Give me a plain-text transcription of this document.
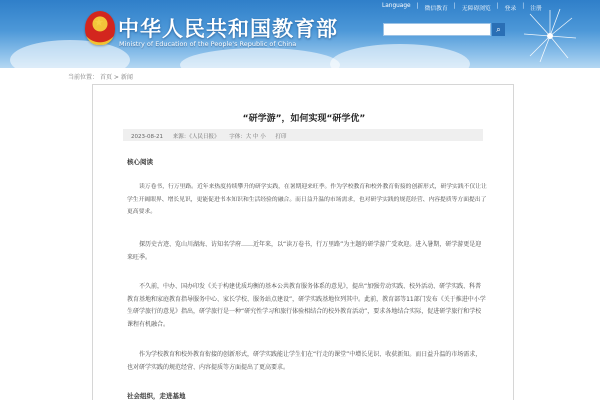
★ 中华人民共和国教育部
Ministry of Education of the People's Republic of China
Language | 微信教育 | 无障碍浏览 | 登录 | 注册
⌕
当前位置： 首页 > 新闻
“研学游”，如何实现“研学优”
2023-08-21 来源：《人民日报》 字体：大 中 小 打印
核心阅读
读万卷书，行万里路。近年来热度持续攀升的研学实践，在暑期迎来旺季。作为学校教育和校外教育衔接的创新形式，研学实践不仅让让学生开阔眼界、增长见识，更能促进书本知识和生活经验的融合。而日益升温的市场需求，也对研学实践的规范经营、内容提质等方面提出了更高要求。
探历史古迹、览山川湖海、访知名学府……近年来，以“读万卷书，行万里路”为主题的研学游广受欢迎。进入暑期，研学游更是迎来旺季。
不久前，中办、国办印发《关于构建优质均衡的基本公共教育服务体系的意见》，提出“加强劳动实践、校外活动、研学实践、科普教育基地和家庭教育指导服务中心、家长学校、服务站点建设”，研学实践基地位列其中。此前，教育部等11部门发布《关于推进中小学生研学旅行的意见》指出，研学旅行是一种“研究性学习和旅行体验相结合的校外教育活动”，要求各地结合实际，促进研学旅行和学校课程有机融合。
作为学校教育和校外教育衔接的创新形式，研学实践能让学生们在“行走的课堂”中增长见识、收获新知。而日益升温的市场需求，也对研学实践的规范经营、内容提质等方面提出了更高要求。
社会组织，走进基地
